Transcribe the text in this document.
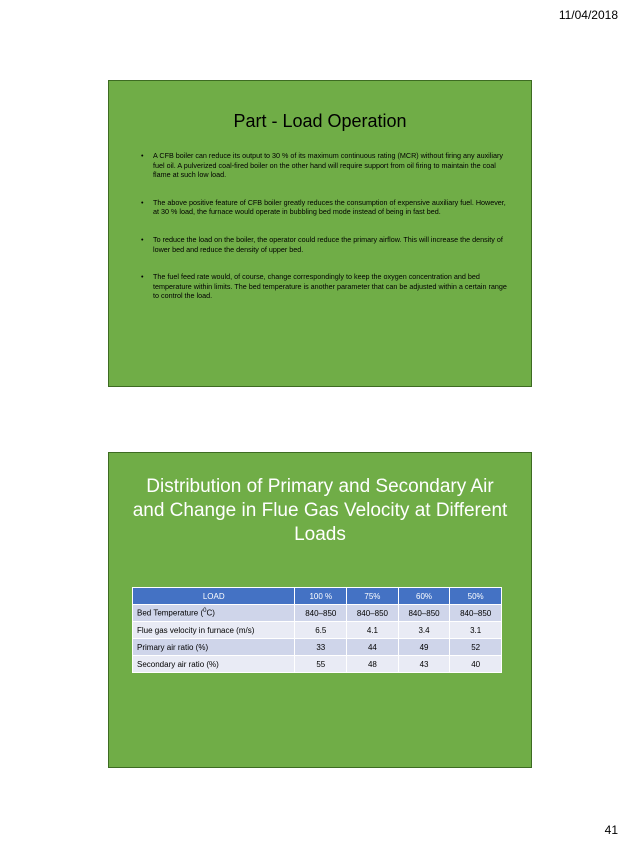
11/04/2018
Part - Load Operation
• A CFB boiler can reduce its output to 30 % of its maximum continuous rating (MCR) without firing any auxiliary fuel oil. A pulverized coal-fired boiler on the other hand will require support from oil firing to maintain the coal flame at such low load.
• The above positive feature of CFB boiler greatly reduces the consumption of expensive auxiliary fuel. However, at 30 % load, the furnace would operate in bubbling bed mode instead of being in fast bed.
• To reduce the load on the boiler, the operator could reduce the primary airflow. This will increase the density of lower bed and reduce the density of upper bed.
• The fuel feed rate would, of course, change correspondingly to keep the oxygen concentration and bed temperature within limits. The bed temperature is another parameter that can be adjusted within a certain range to control the load.
Distribution of Primary and Secondary Air and Change in Flue Gas Velocity at Different Loads
LOAD	100 %	75%	60%	50%
Bed Temperature ($^0$C)	840–850	840–850	840–850	840–850
Flue gas velocity in furnace (m/s)	6.5	4.1	3.4	3.1
Primary air ratio (%)	33	44	49	52
Secondary air ratio (%)	55	48	43	40
41
